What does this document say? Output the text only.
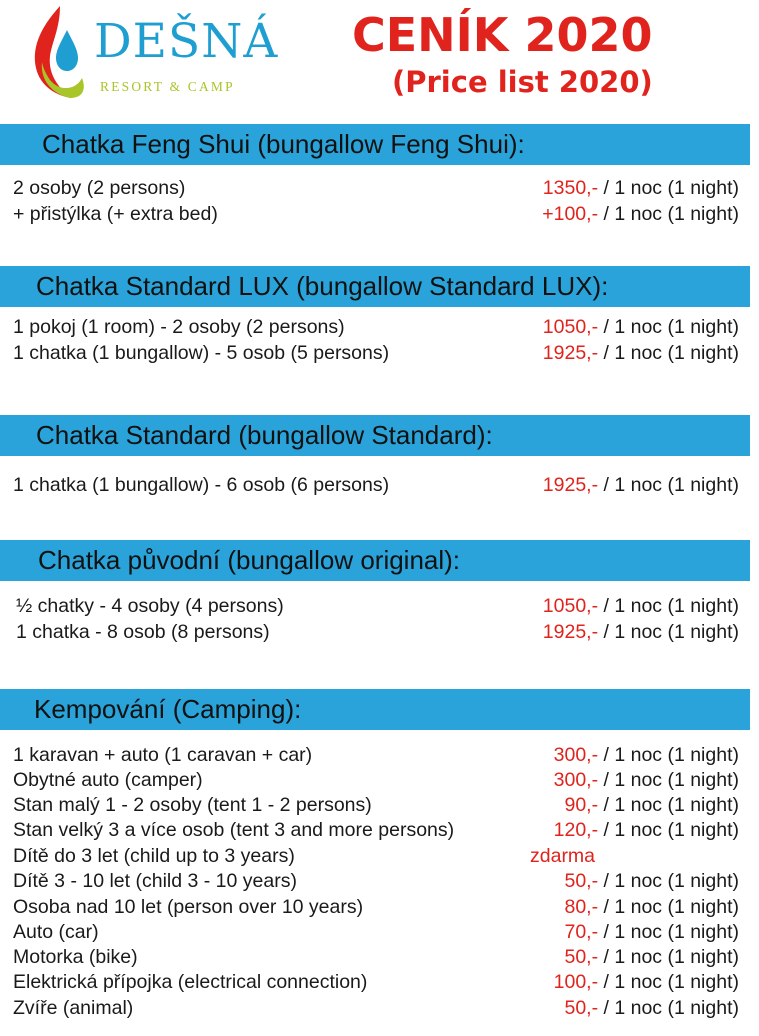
DEŠNÁ
RESORT & CAMP
CENÍK 2020
(Price list 2020)
Chatka Feng Shui (bungallow Feng Shui):
2 osoby (2 persons)	1350,- / 1 noc (1 night)
+ přistýlka (+ extra bed)	+100,- / 1 noc (1 night)
Chatka Standard LUX (bungallow Standard LUX):
1 pokoj (1 room) - 2 osoby (2 persons)	1050,- / 1 noc (1 night)
1 chatka (1 bungallow) - 5 osob (5 persons)	1925,- / 1 noc (1 night)
Chatka Standard (bungallow Standard):
1 chatka (1 bungallow) - 6 osob (6 persons)	1925,- / 1 noc (1 night)
Chatka původní (bungallow original):
½ chatky - 4 osoby (4 persons)	1050,- / 1 noc (1 night)
1 chatka - 8 osob (8 persons)	1925,- / 1 noc (1 night)
Kempování (Camping):
1 karavan + auto (1 caravan + car)	300,- / 1 noc (1 night)
Obytné auto (camper)	300,- / 1 noc (1 night)
Stan malý 1 - 2 osoby (tent 1 - 2 persons)	90,- / 1 noc (1 night)
Stan velký 3 a více osob (tent 3 and more persons)	120,- / 1 noc (1 night)
Dítě do 3 let (child up to 3 years)	zdarma
Dítě 3 - 10 let (child 3 - 10 years)	50,- / 1 noc (1 night)
Osoba nad 10 let (person over 10 years)	80,- / 1 noc (1 night)
Auto (car)	70,- / 1 noc (1 night)
Motorka (bike)	50,- / 1 noc (1 night)
Elektrická přípojka (electrical connection)	100,- / 1 noc (1 night)
Zvíře (animal)	50,- / 1 noc (1 night)
